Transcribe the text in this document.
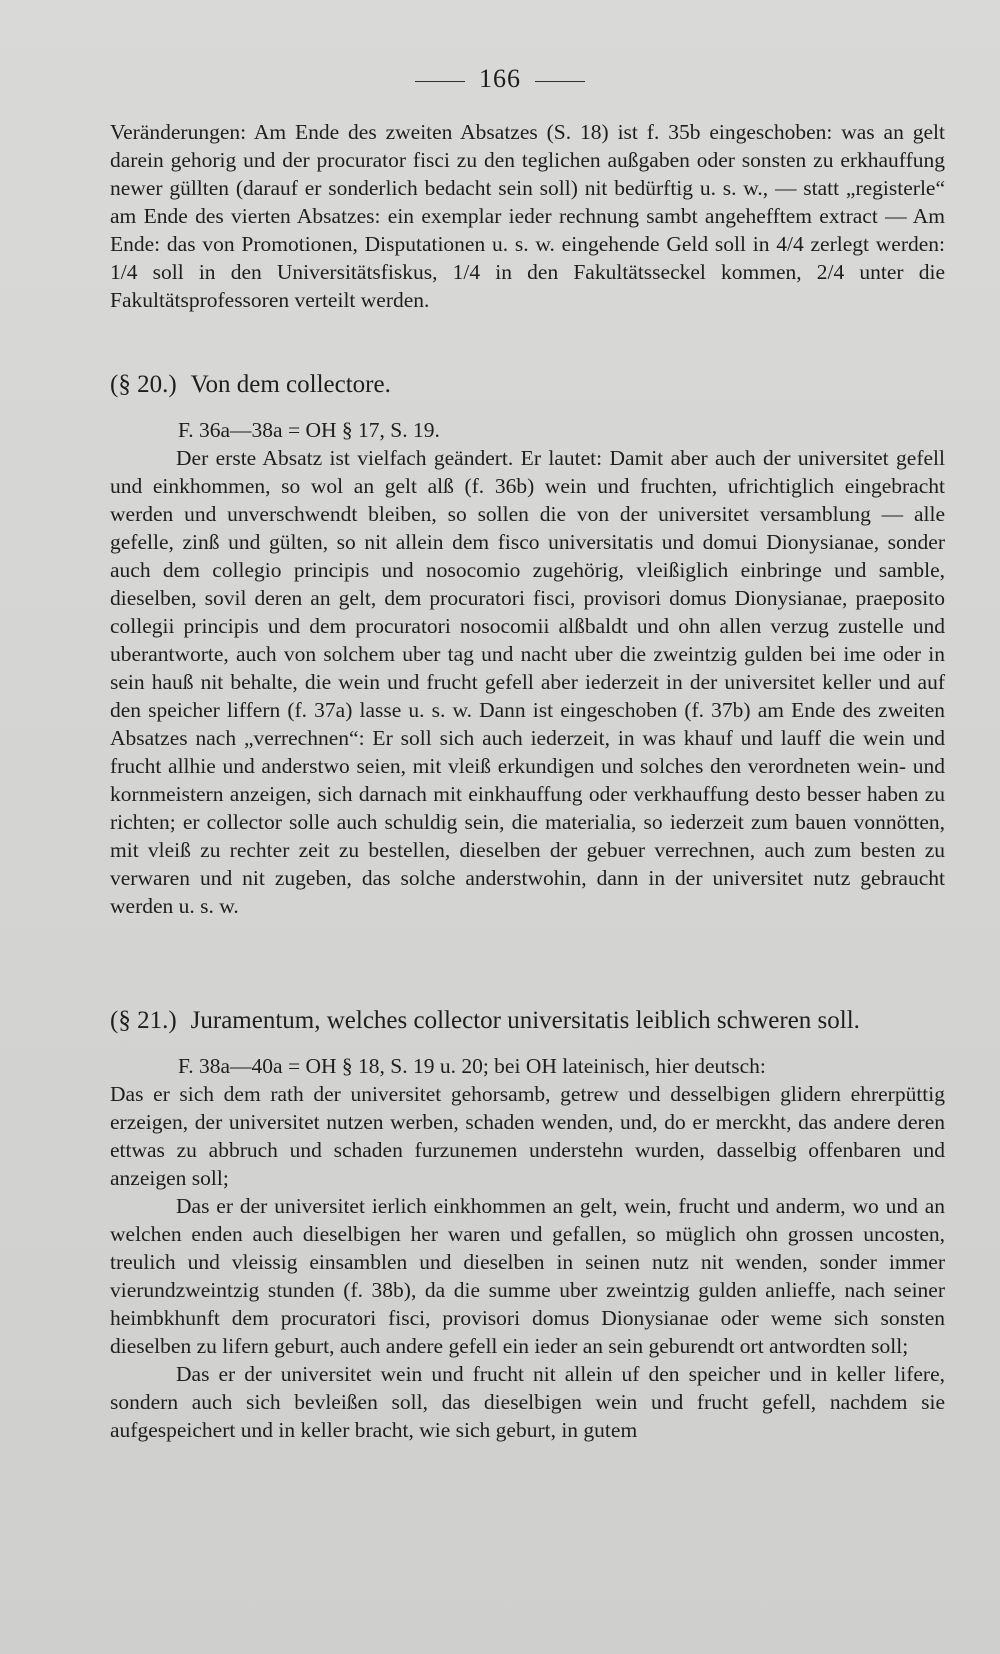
166

Veränderungen: Am Ende des zweiten Absatzes (S. 18) ist f. 35b eingeschoben: was an gelt darein gehorig und der procurator fisci zu den teglichen außgaben oder sonsten zu erkhauffung newer güllten (darauf er sonderlich bedacht sein soll) nit bedürftig u. s. w., — statt „registerle“ am Ende des vierten Absatzes: ein exemplar ieder rechnung sambt angehefftem extract — Am Ende: das von Promotionen, Disputationen u. s. w. eingehende Geld soll in 4/4 zerlegt werden: 1/4 soll in den Universitätsfiskus, 1/4 in den Fakultätsseckel kommen, 2/4 unter die Fakultätsprofessoren verteilt werden.

(§ 20.) Von dem collectore.

F. 36a—38a = OH § 17, S. 19.

Der erste Absatz ist vielfach geändert. Er lautet: Damit aber auch der universitet gefell und einkhommen, so wol an gelt alß (f. 36b) wein und fruchten, ufrichtiglich eingebracht werden und unverschwendt bleiben, so sollen die von der universitet versamblung — alle gefelle, zinß und gülten, so nit allein dem fisco universitatis und domui Dionysianae, sonder auch dem collegio principis und nosocomio zugehörig, vleißiglich einbringe und samble, dieselben, sovil deren an gelt, dem procuratori fisci, provisori domus Dionysianae, praeposito collegii principis und dem procuratori nosocomii alßbaldt und ohn allen verzug zustelle und uberantworte, auch von solchem uber tag und nacht uber die zweintzig gulden bei ime oder in sein hauß nit behalte, die wein und frucht gefell aber iederzeit in der universitet keller und auf den speicher liffern (f. 37a) lasse u. s. w. Dann ist eingeschoben (f. 37b) am Ende des zweiten Absatzes nach „verrechnen“: Er soll sich auch iederzeit, in was khauf und lauff die wein und frucht allhie und anderstwo seien, mit vleiß erkundigen und solches den verordneten wein- und kornmeistern anzeigen, sich darnach mit einkhauffung oder verkhauffung desto besser haben zu richten; er collector solle auch schuldig sein, die materialia, so iederzeit zum bauen vonnötten, mit vleiß zu rechter zeit zu bestellen, dieselben der gebuer verrechnen, auch zum besten zu verwaren und nit zugeben, das solche anderstwohin, dann in der universitet nutz gebraucht werden u. s. w.

(§ 21.) Juramentum, welches collector universitatis leiblich schweren soll.

F. 38a—40a = OH § 18, S. 19 u. 20; bei OH lateinisch, hier deutsch:

Das er sich dem rath der universitet gehorsamb, getrew und desselbigen glidern ehrerpüttig erzeigen, der universitet nutzen werben, schaden wenden, und, do er merckht, das andere deren ettwas zu abbruch und schaden furzunemen understehn wurden, dasselbig offenbaren und anzeigen soll;

Das er der universitet ierlich einkhommen an gelt, wein, frucht und anderm, wo und an welchen enden auch dieselbigen her waren und gefallen, so müglich ohn grossen uncosten, treulich und vleissig einsamblen und dieselben in seinen nutz nit wenden, sonder immer vierundzweintzig stunden (f. 38b), da die summe uber zweintzig gulden anlieffe, nach seiner heimbkhunft dem procuratori fisci, provisori domus Dionysianae oder weme sich sonsten dieselben zu lifern geburt, auch andere gefell ein ieder an sein geburendt ort antwordten soll;

Das er der universitet wein und frucht nit allein uf den speicher und in keller lifere, sondern auch sich bevleißen soll, das dieselbigen wein und frucht gefell, nachdem sie aufgespeichert und in keller bracht, wie sich geburt, in gutem
